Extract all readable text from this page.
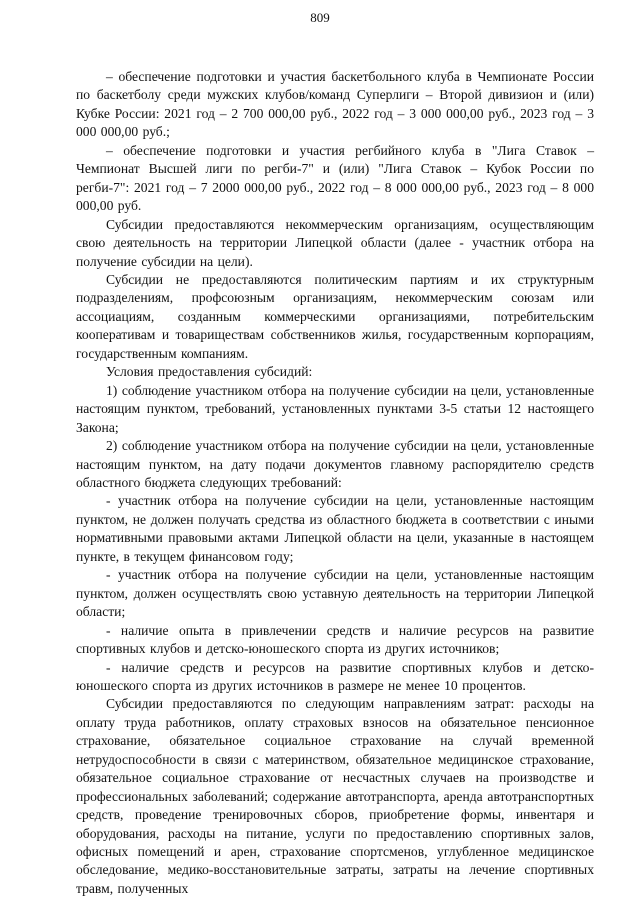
809

– обеспечение подготовки и участия баскетбольного клуба в Чемпионате России по баскетболу среди мужских клубов/команд Суперлиги – Второй дивизион и (или) Кубке России: 2021 год – 2 700 000,00 руб., 2022 год – 3 000 000,00 руб., 2023 год – 3 000 000,00 руб.;

– обеспечение подготовки и участия регбийного клуба в "Лига Ставок – Чемпионат Высшей лиги по регби-7" и (или) "Лига Ставок – Кубок России по регби-7": 2021 год – 7 2000 000,00 руб., 2022 год – 8 000 000,00 руб., 2023 год – 8 000 000,00 руб.

Субсидии предоставляются некоммерческим организациям, осуществляющим свою деятельность на территории Липецкой области (далее - участник отбора на получение субсидии на цели).

Субсидии не предоставляются политическим партиям и их структурным подразделениям, профсоюзным организациям, некоммерческим союзам или ассоциациям, созданным коммерческими организациями, потребительским кооперативам и товариществам собственников жилья, государственным корпорациям, государственным компаниям.

Условия предоставления субсидий:

1) соблюдение участником отбора на получение субсидии на цели, установленные настоящим пунктом, требований, установленных пунктами 3-5 статьи 12 настоящего Закона;

2) соблюдение участником отбора на получение субсидии на цели, установленные настоящим пунктом, на дату подачи документов главному распорядителю средств областного бюджета следующих требований:

- участник отбора на получение субсидии на цели, установленные настоящим пунктом, не должен получать средства из областного бюджета в соответствии с иными нормативными правовыми актами Липецкой области на цели, указанные в настоящем пункте, в текущем финансовом году;

- участник отбора на получение субсидии на цели, установленные настоящим пунктом, должен осуществлять свою уставную деятельность на территории Липецкой области;

- наличие опыта в привлечении средств и наличие ресурсов на развитие спортивных клубов и детско-юношеского спорта из других источников;

- наличие средств и ресурсов на развитие спортивных клубов и детско-юношеского спорта из других источников в размере не менее 10 процентов.

Субсидии предоставляются по следующим направлениям затрат: расходы на оплату труда работников, оплату страховых взносов на обязательное пенсионное страхование, обязательное социальное страхование на случай временной нетрудоспособности в связи с материнством, обязательное медицинское страхование, обязательное социальное страхование от несчастных случаев на производстве и профессиональных заболеваний; содержание автотранспорта, аренда автотранспортных средств, проведение тренировочных сборов, приобретение формы, инвентаря и оборудования, расходы на питание, услуги по предоставлению спортивных залов, офисных помещений и арен, страхование спортсменов, углубленное медицинское обследование, медико-восстановительные затраты, затраты на лечение спортивных травм, полученных
